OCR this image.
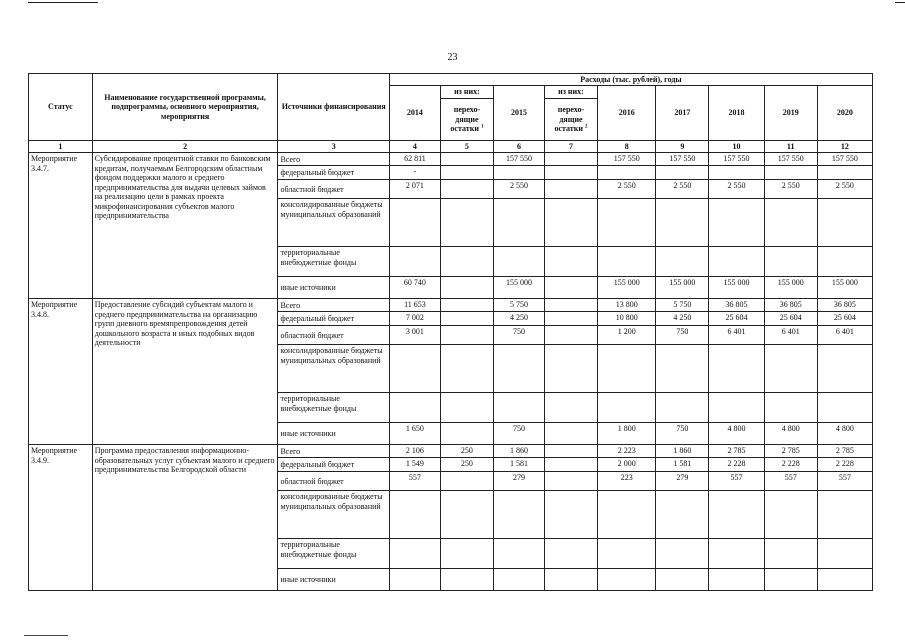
23
Статус	Наименование государственной программы, подпрограммы, основного мероприятия, мероприятия	Источники финансирования	Расходы (тыс. рублей), годы								
			2014	из них:	2015	из них:	2016	2017	2018	2019	2020
				перехо- дящие остатки $^1$		перехо- дящие остатки $^2$
1	2	3	4	5	6	7	8	9	10	11	12
Мероприятие 3.4.7.	Субсидирование процентной ставки по банковским кредитам, получаемым Белгородским областным фондом поддержки малого и среднего предпринимательства для выдачи целевых займов на реализацию цели в рамках проекта микрофинансирования субъектов малого предпринимательства	Всего	62 811		157 550		157 550	157 550	157 550	157 550	157 550
		федеральный бюджет	-								
		областной бюджет	2 071		2 550		2 550	2 550	2 550	2 550	2 550
		консолидированные бюджеты муниципальных образований									
		территориальные внебюджетные фонды									
		иные источники	60 740		155 000		155 000	155 000	155 000	155 000	155 000
Мероприятие 3.4.8.	Предоставление субсидий субъектам малого и среднего предпринимательства на организацию групп дневного времяпрепровождения детей дошкольного возраста и иных подобных видов деятельности	Всего	11 653		5 750		13 800	5 750	36 805	36 805	36 805
		федеральный бюджет	7 002		4 250		10 800	4 250	25 604	25 604	25 604
		областной бюджет	3 001		750		1 200	750	6 401	6 401	6 401
		консолидированные бюджеты муниципальных образований									
		территориальные внебюджетные фонды									
		иные источники	1 650		750		1 800	750	4 800	4 800	4 800
Мероприятие 3.4.9.	Программа предоставления информационно-образовательных услуг субъектам малого и среднего предпринимательства Белгородской области	Всего	2 106	250	1 860		2 223	1 860	2 785	2 785	2 785
		федеральный бюджет	1 549	250	1 581		2 000	1 581	2 228	2 228	2 228
		областной бюджет	557		279		223	279	557	557	557
		консолидированные бюджеты муниципальных образований									
		территориальные внебюджетные фонды									
		иные источники									
